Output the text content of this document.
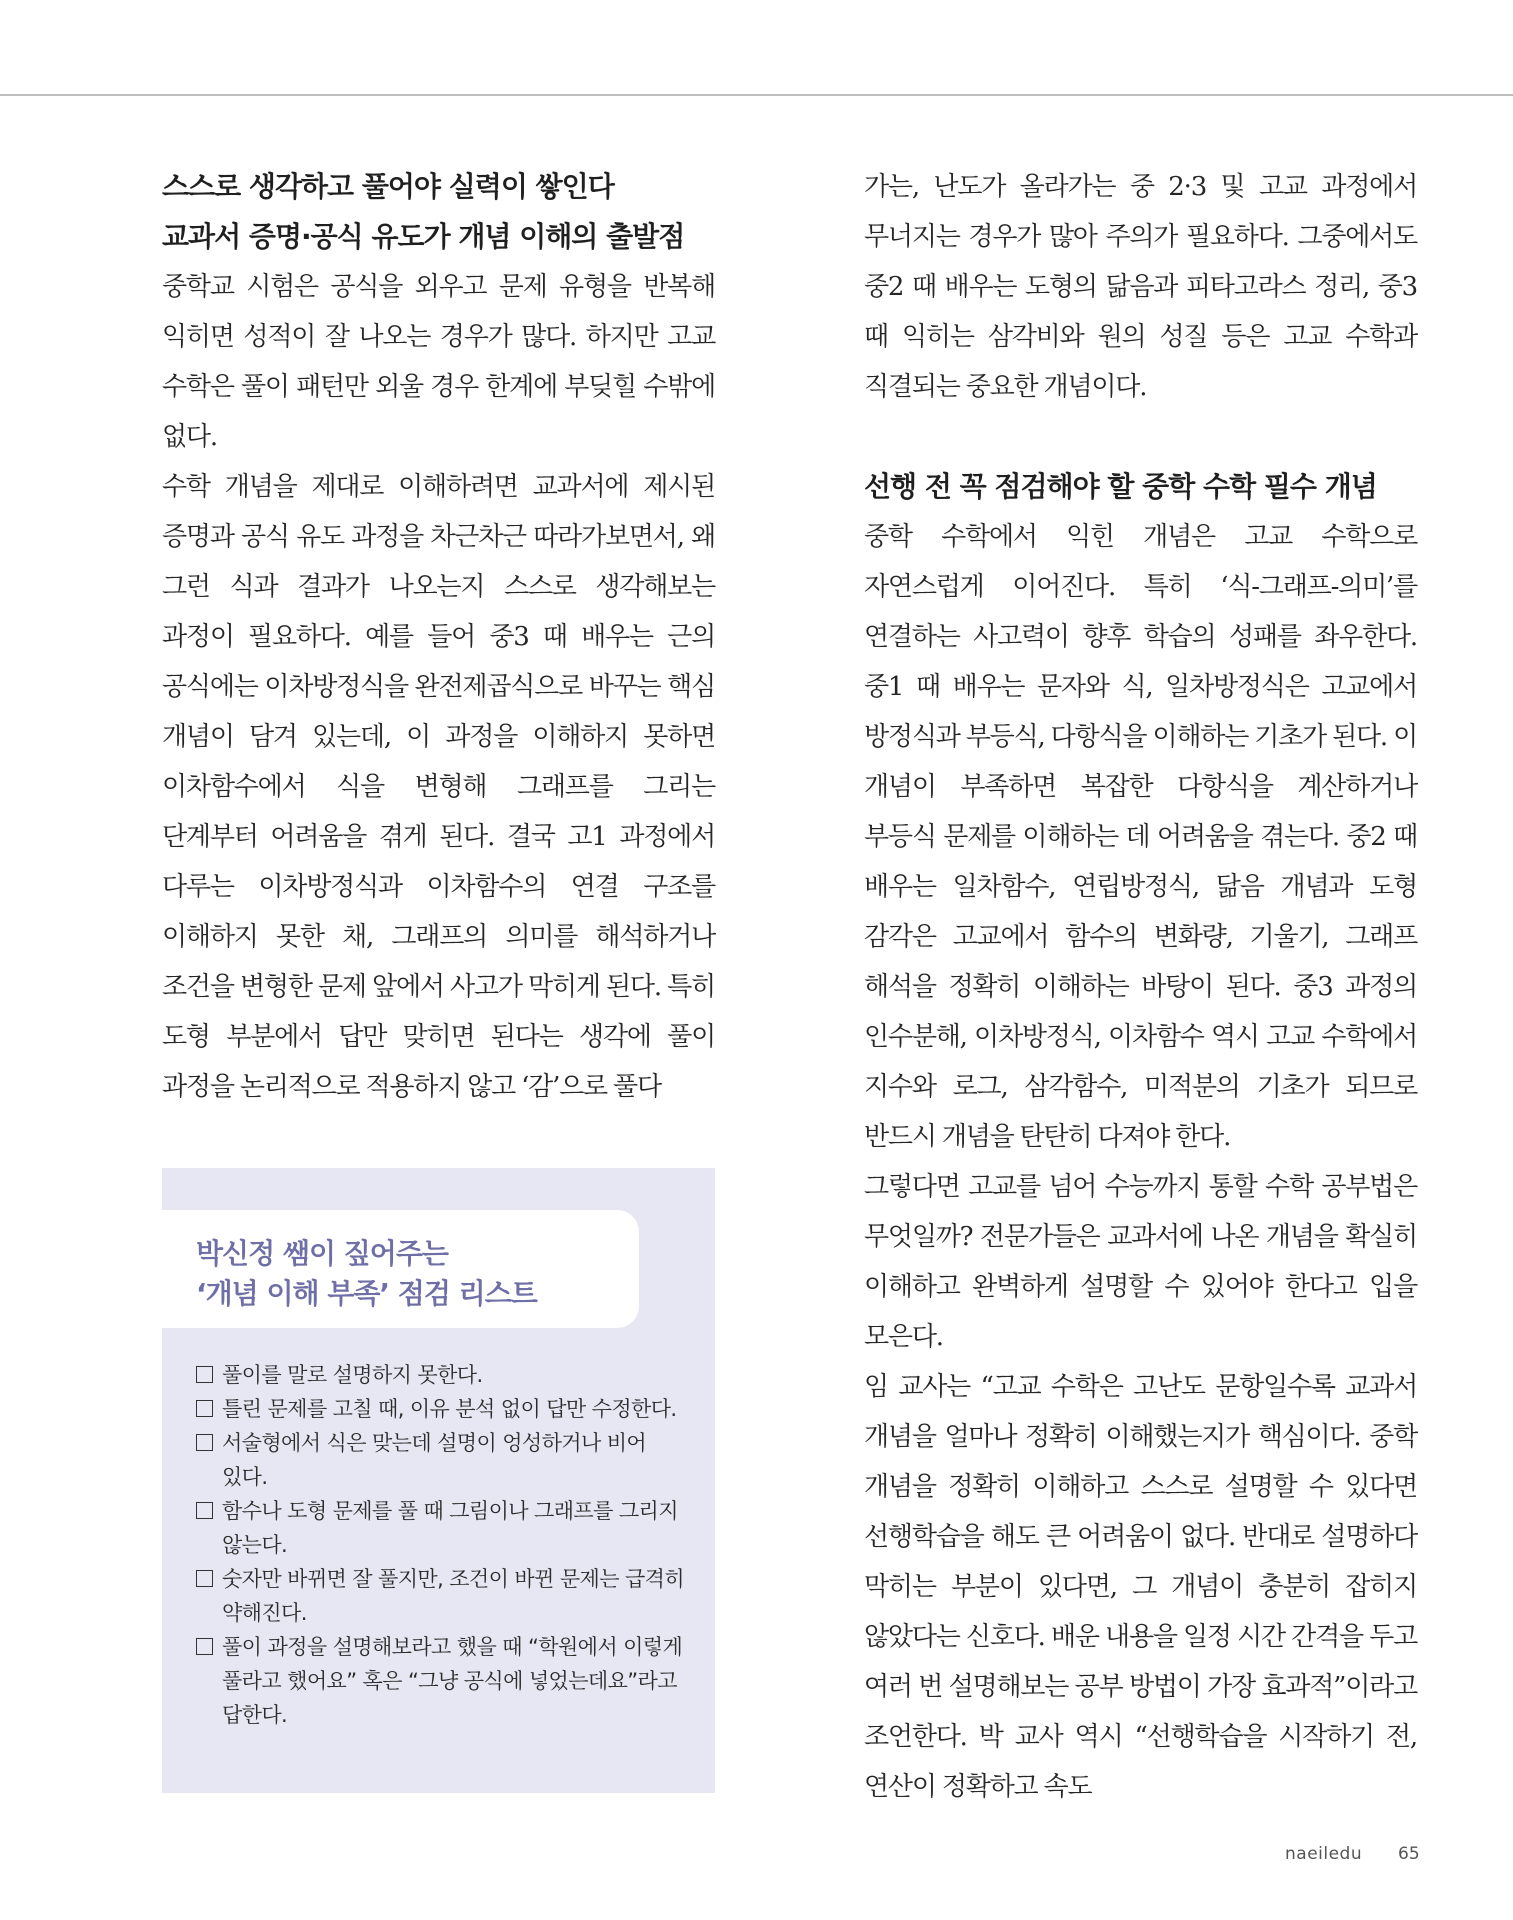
스스로 생각하고 풀어야 실력이 쌓인다
교과서 증명·공식 유도가 개념 이해의 출발점

중학교 시험은 공식을 외우고 문제 유형을 반복해 익히면 성적이 잘 나오는 경우가 많다. 하지만 고교 수학은 풀이 패턴만 외울 경우 한계에 부딪힐 수밖에 없다.

수학 개념을 제대로 이해하려면 교과서에 제시된 증명과 공식 유도 과정을 차근차근 따라가보면서, 왜 그런 식과 결과가 나오는지 스스로 생각해보는 과정이 필요하다. 예를 들어 중3 때 배우는 근의 공식에는 이차방정식을 완전제곱식으로 바꾸는 핵심 개념이 담겨 있는데, 이 과정을 이해하지 못하면 이차함수에서 식을 변형해 그래프를 그리는 단계부터 어려움을 겪게 된다. 결국 고1 과정에서 다루는 이차방정식과 이차함수의 연결 구조를 이해하지 못한 채, 그래프의 의미를 해석하거나 조건을 변형한 문제 앞에서 사고가 막히게 된다. 특히 도형 부분에서 답만 맞히면 된다는 생각에 풀이 과정을 논리적으로 적용하지 않고 ‘감’으로 풀다

박신정 쌤이 짚어주는
‘개념 이해 부족’ 점검 리스트
풀이를 말로 설명하지 못한다.
틀린 문제를 고칠 때, 이유 분석 없이 답만 수정한다.
서술형에서 식은 맞는데 설명이 엉성하거나 비어 있다.
함수나 도형 문제를 풀 때 그림이나 그래프를 그리지 않는다.
숫자만 바뀌면 잘 풀지만, 조건이 바뀐 문제는 급격히 약해진다.
풀이 과정을 설명해보라고 했을 때 “학원에서 이렇게 풀라고 했어요” 혹은 “그냥 공식에 넣었는데요”라고 답한다.

가는, 난도가 올라가는 중 2·3 및 고교 과정에서 무너지는 경우가 많아 주의가 필요하다. 그중에서도 중2 때 배우는 도형의 닮음과 피타고라스 정리, 중3 때 익히는 삼각비와 원의 성질 등은 고교 수학과 직결되는 중요한 개념이다.

선행 전 꼭 점검해야 할 중학 수학 필수 개념

중학 수학에서 익힌 개념은 고교 수학으로 자연스럽게 이어진다. 특히 ‘식-그래프-의미’를 연결하는 사고력이 향후 학습의 성패를 좌우한다. 중1 때 배우는 문자와 식, 일차방정식은 고교에서 방정식과 부등식, 다항식을 이해하는 기초가 된다. 이 개념이 부족하면 복잡한 다항식을 계산하거나 부등식 문제를 이해하는 데 어려움을 겪는다. 중2 때 배우는 일차함수, 연립방정식, 닮음 개념과 도형 감각은 고교에서 함수의 변화량, 기울기, 그래프 해석을 정확히 이해하는 바탕이 된다. 중3 과정의 인수분해, 이차방정식, 이차함수 역시 고교 수학에서 지수와 로그, 삼각함수, 미적분의 기초가 되므로 반드시 개념을 탄탄히 다져야 한다.

그렇다면 고교를 넘어 수능까지 통할 수학 공부법은 무엇일까? 전문가들은 교과서에 나온 개념을 확실히 이해하고 완벽하게 설명할 수 있어야 한다고 입을 모은다.

임 교사는 “고교 수학은 고난도 문항일수록 교과서 개념을 얼마나 정확히 이해했는지가 핵심이다. 중학 개념을 정확히 이해하고 스스로 설명할 수 있다면 선행학습을 해도 큰 어려움이 없다. 반대로 설명하다 막히는 부분이 있다면, 그 개념이 충분히 잡히지 않았다는 신호다. 배운 내용을 일정 시간 간격을 두고 여러 번 설명해보는 공부 방법이 가장 효과적”이라고 조언한다. 박 교사 역시 “선행학습을 시작하기 전, 연산이 정확하고 속도

naeiledu 65
